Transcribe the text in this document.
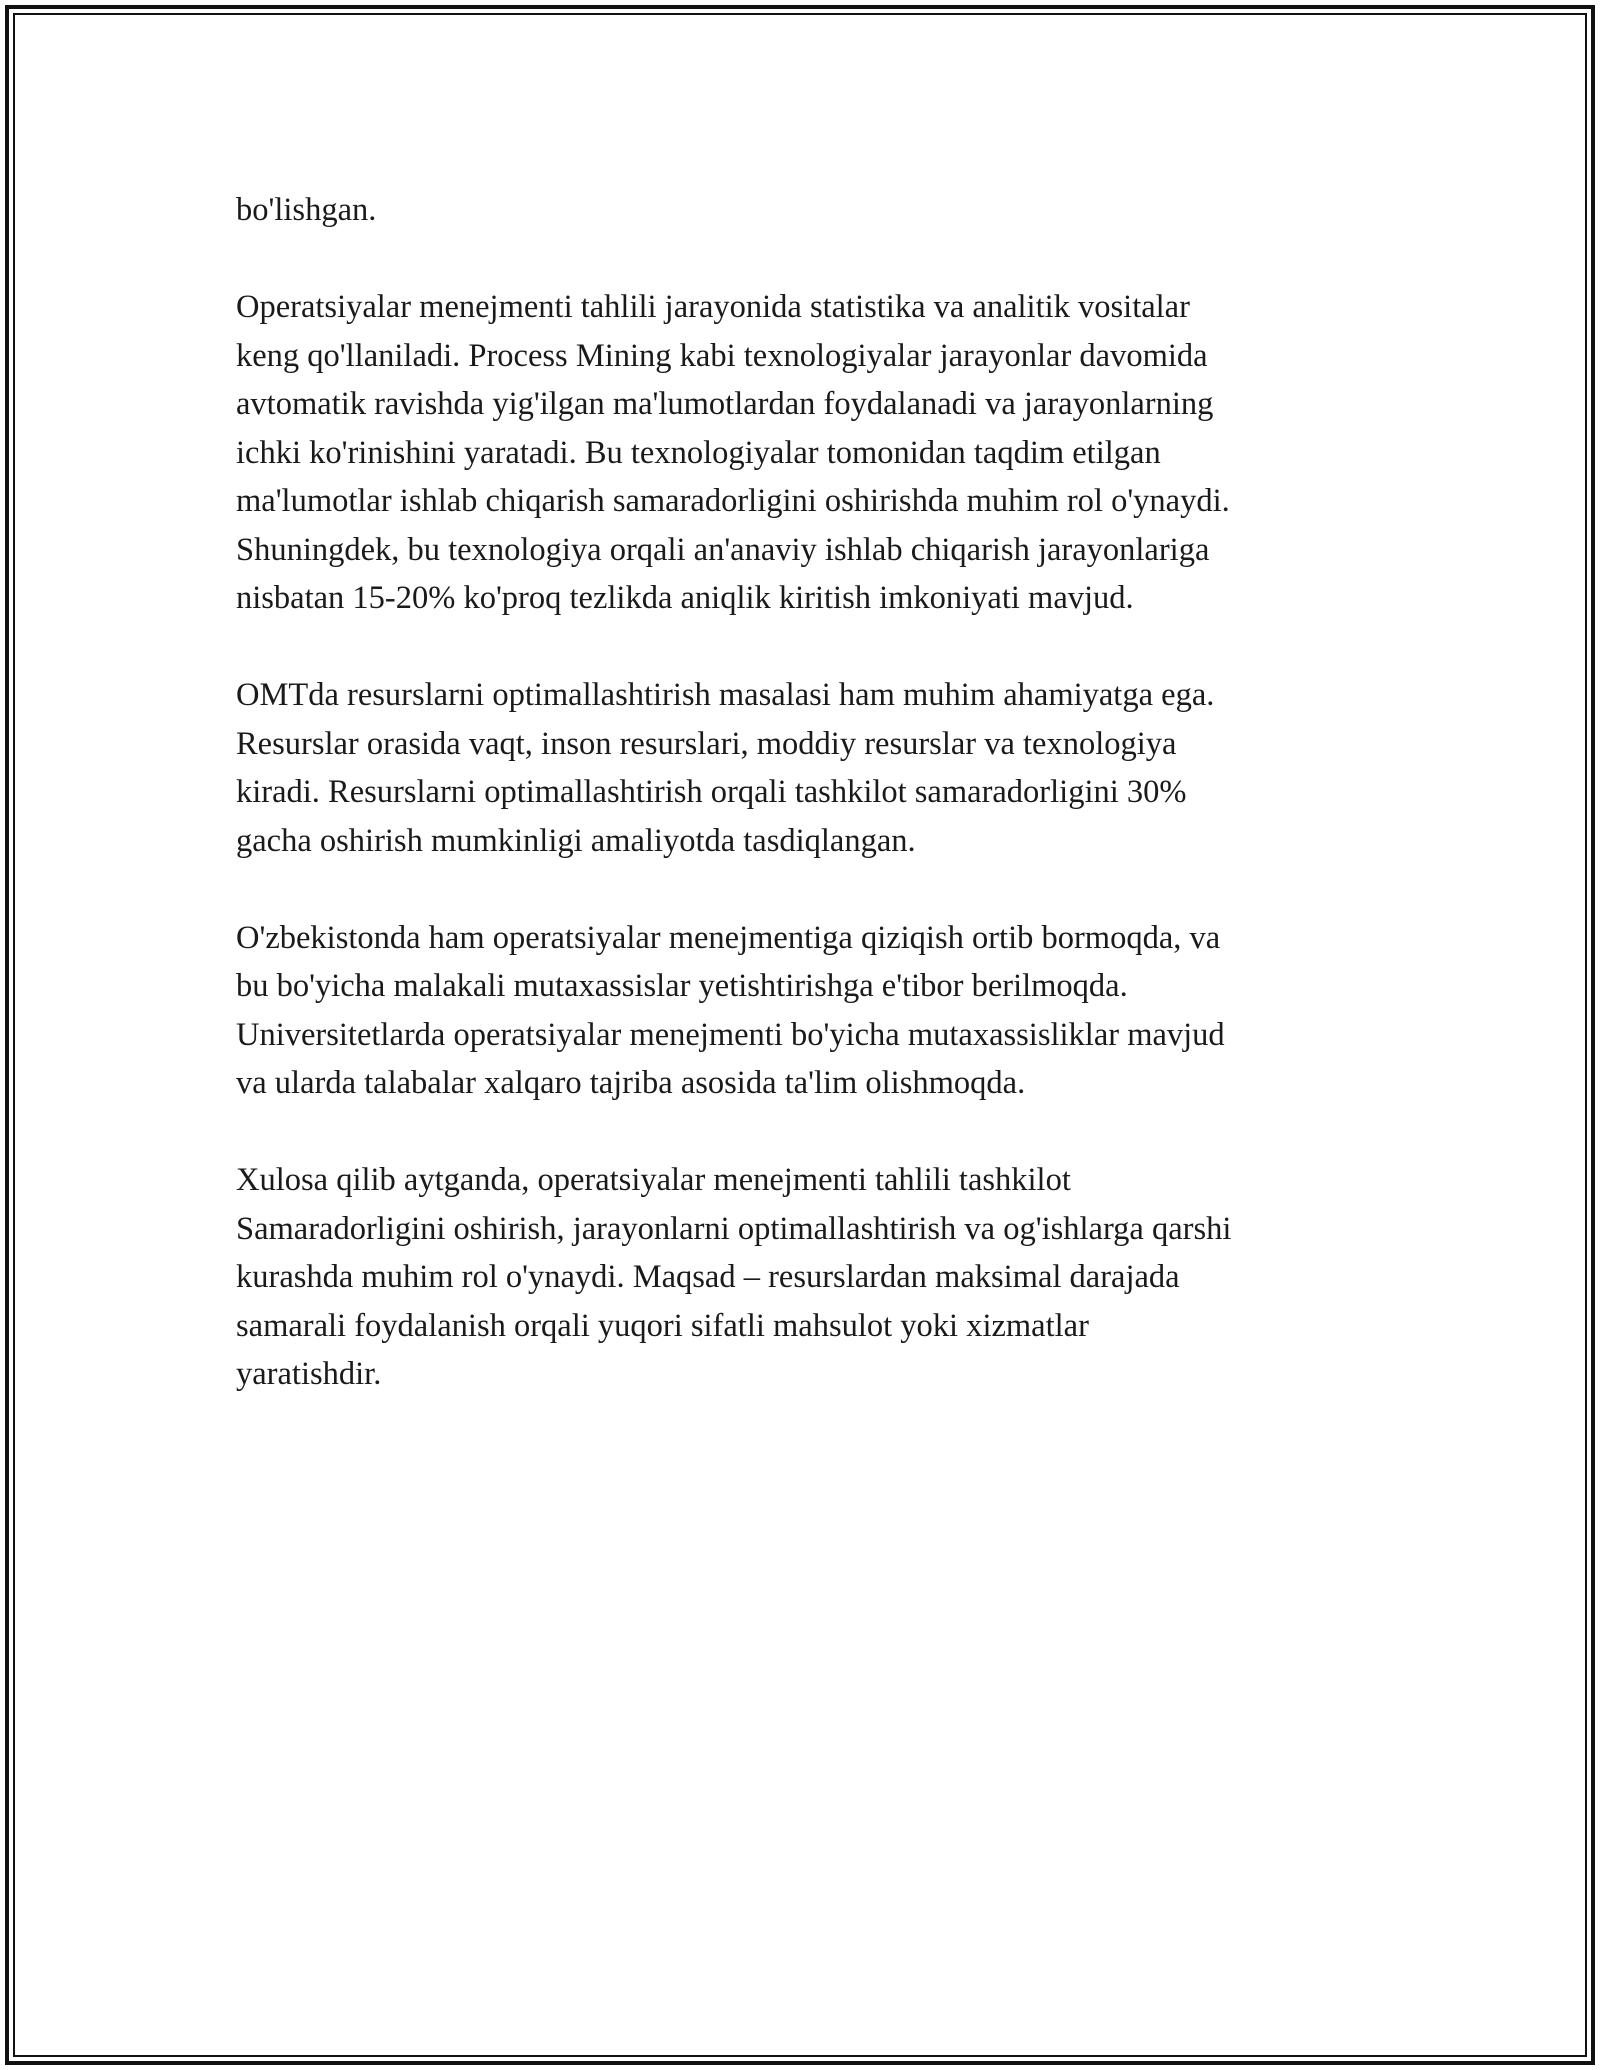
bo'lishgan.

Operatsiyalar menejmenti tahlili jarayonida statistika va analitik vositalar
keng qo'llaniladi. Process Mining kabi texnologiyalar jarayonlar davomida
avtomatik ravishda yig'ilgan ma'lumotlardan foydalanadi va jarayonlarning
ichki ko'rinishini yaratadi. Bu texnologiyalar tomonidan taqdim etilgan
ma'lumotlar ishlab chiqarish samaradorligini oshirishda muhim rol o'ynaydi.
Shuningdek, bu texnologiya orqali an'anaviy ishlab chiqarish jarayonlariga
nisbatan 15-20% ko'proq tezlikda aniqlik kiritish imkoniyati mavjud.

OMTda resurslarni optimallashtirish masalasi ham muhim ahamiyatga ega.
Resurslar orasida vaqt, inson resurslari, moddiy resurslar va texnologiya
kiradi. Resurslarni optimallashtirish orqali tashkilot samaradorligini 30%
gacha oshirish mumkinligi amaliyotda tasdiqlangan.

O'zbekistonda ham operatsiyalar menejmentiga qiziqish ortib bormoqda, va
bu bo'yicha malakali mutaxassislar yetishtirishga e'tibor berilmoqda.
Universitetlarda operatsiyalar menejmenti bo'yicha mutaxassisliklar mavjud
va ularda talabalar xalqaro tajriba asosida ta'lim olishmoqda.

Xulosa qilib aytganda, operatsiyalar menejmenti tahlili tashkilot
Samaradorligini oshirish, jarayonlarni optimallashtirish va og'ishlarga qarshi
kurashda muhim rol o'ynaydi. Maqsad – resurslardan maksimal darajada
samarali foydalanish orqali yuqori sifatli mahsulot yoki xizmatlar
yaratishdir.
